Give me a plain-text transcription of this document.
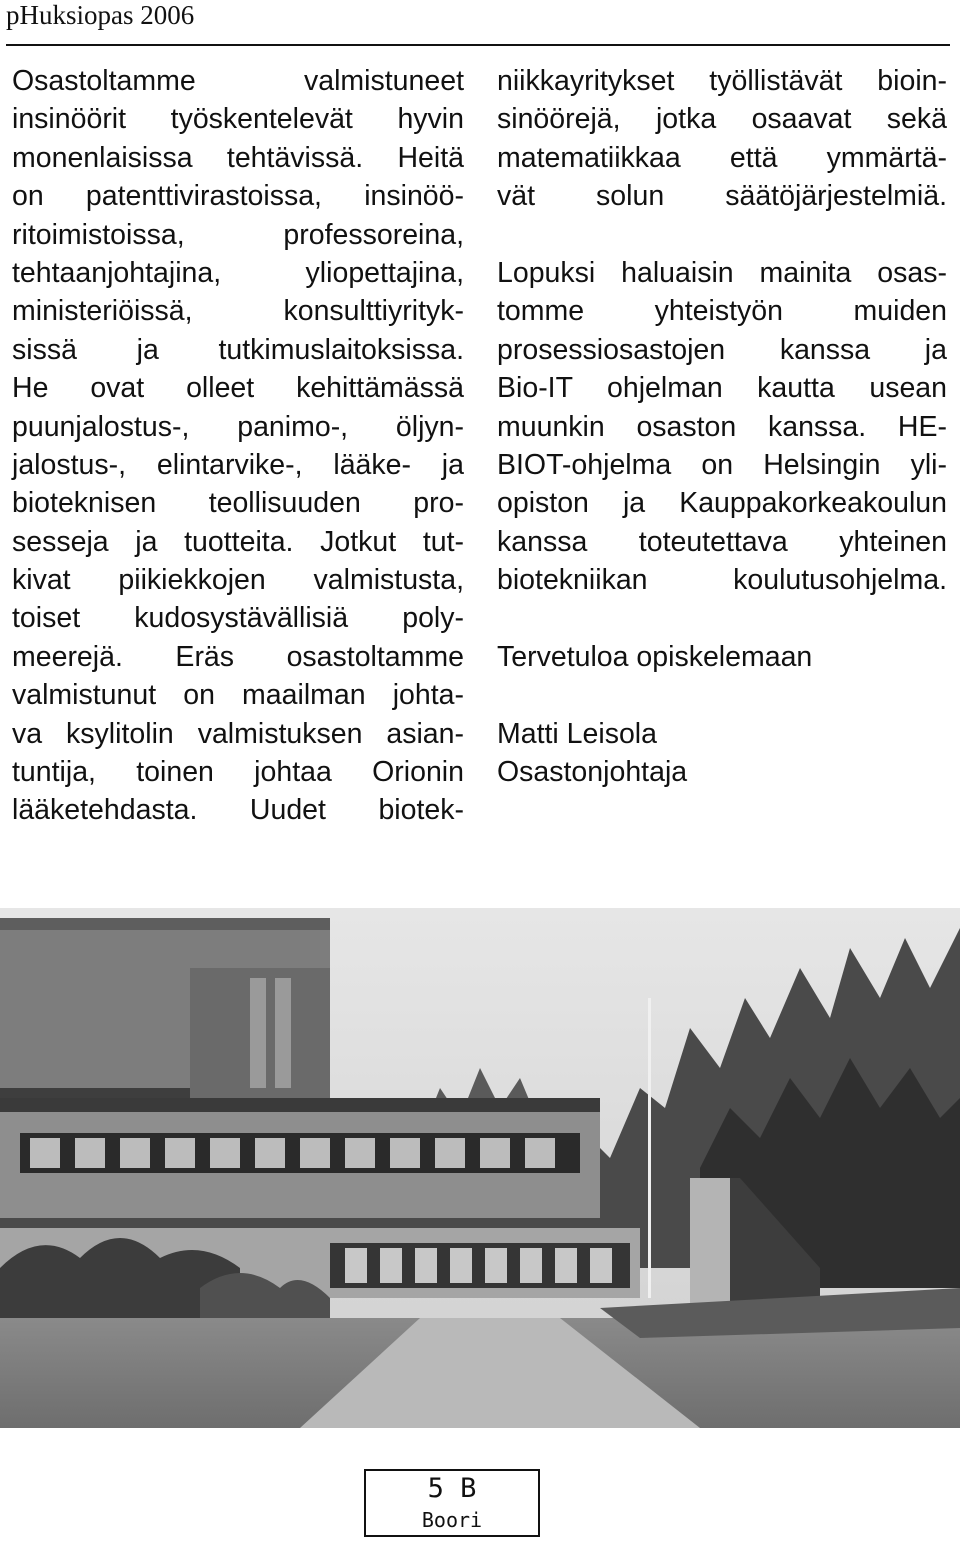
pHuksiopas 2006
Osastoltamme valmistuneet
insinöörit työskentelevät hyvin
monenlaisissa tehtävissä. Heitä
on patenttivirastoissa, insinöö-
ritoimistoissa, professoreina,
tehtaanjohtajina, yliopettajina,
ministeriöissä, konsulttiyrityk-
sissä ja tutkimuslaitoksissa.
He ovat olleet kehittämässä
puunjalostus-, panimo-, öljyn-
jalostus-, elintarvike-, lääke- ja
bioteknisen teollisuuden pro-
sesseja ja tuotteita. Jotkut tut-
kivat piikiekkojen valmistusta,
toiset kudosystävällisiä poly-
meerejä. Eräs osastoltamme
valmistunut on maailman johta-
va ksylitolin valmistuksen asian-
tuntija, toinen johtaa Orionin
lääketehdasta. Uudet biotek-
niikkayritykset työllistävät bioin-
sinöörejä, jotka osaavat sekä
matematiikkaa että ymmärtä-
vät solun säätöjärjestelmiä.
Lopuksi haluaisin mainita osas-
tomme yhteistyön muiden
prosessiosastojen kanssa ja
Bio-IT ohjelman kautta usean
muunkin osaston kanssa. HE-
BIOT-ohjelma on Helsingin yli-
opiston ja Kauppakorkeakoulun
kanssa toteutettava yhteinen
biotekniikan koulutusohjelma.
Tervetuloa opiskelemaan
Matti Leisola
Osastonjohtaja
5 B
Boori
